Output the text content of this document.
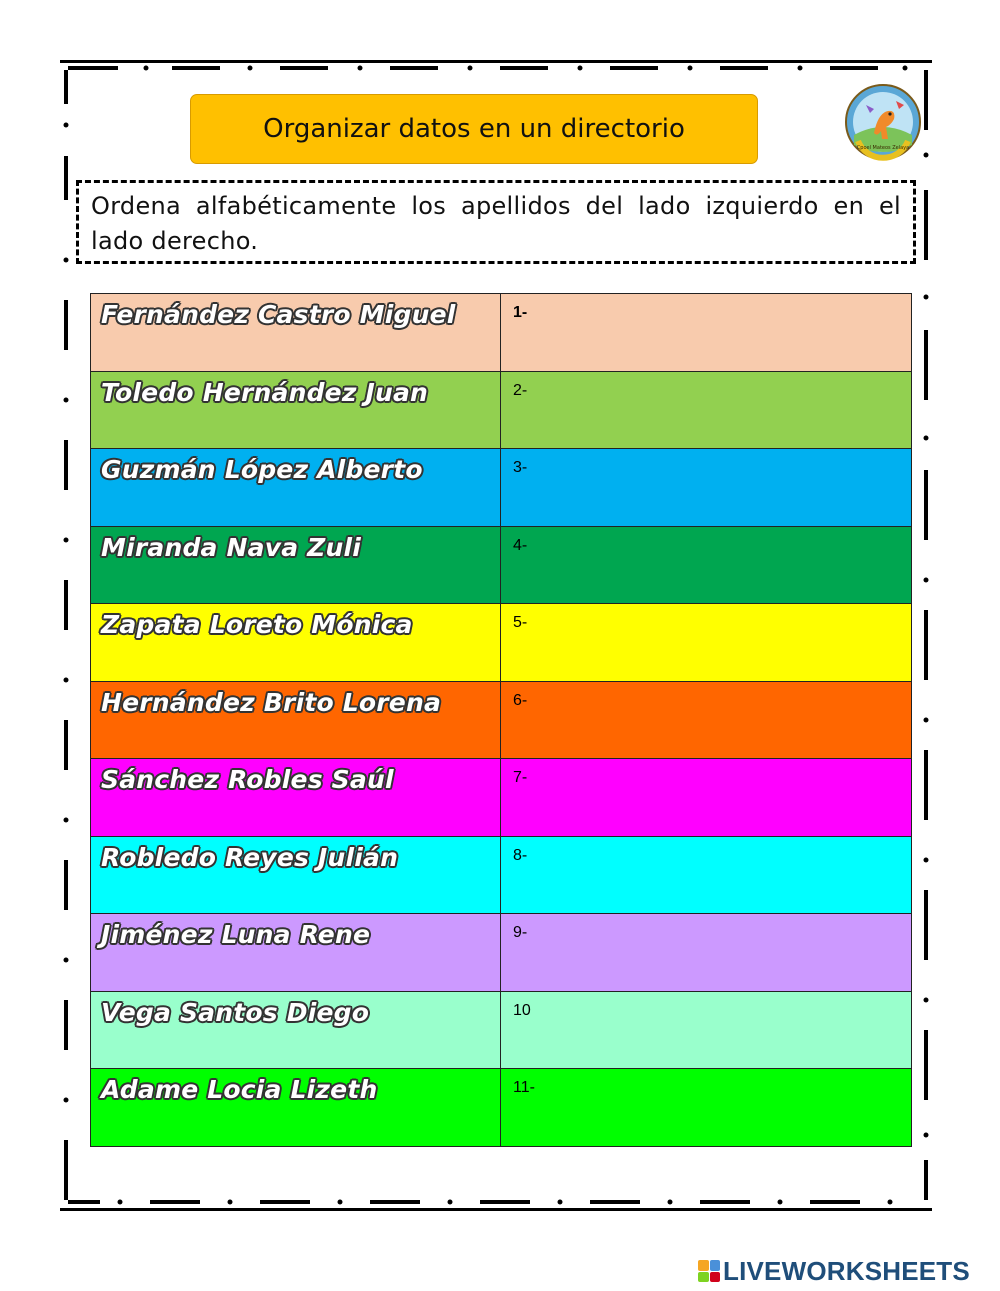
Organizar datos en un directorio
Cpoel Mateos Zelaya
Ordena alfabéticamente los apellidos del lado izquierdo en el lado derecho.
Fernández Castro Miguel	1-
Toledo Hernández Juan	2-
Guzmán López Alberto	3-
Miranda Nava Zuli	4-
Zapata Loreto Mónica	5-
Hernández Brito Lorena	6-
Sánchez Robles Saúl	7-
Robledo Reyes Julián	8-
Jiménez Luna Rene	9-
Vega Santos Diego	10
Adame Locia Lizeth	11-
LIVEWORKSHEETS
